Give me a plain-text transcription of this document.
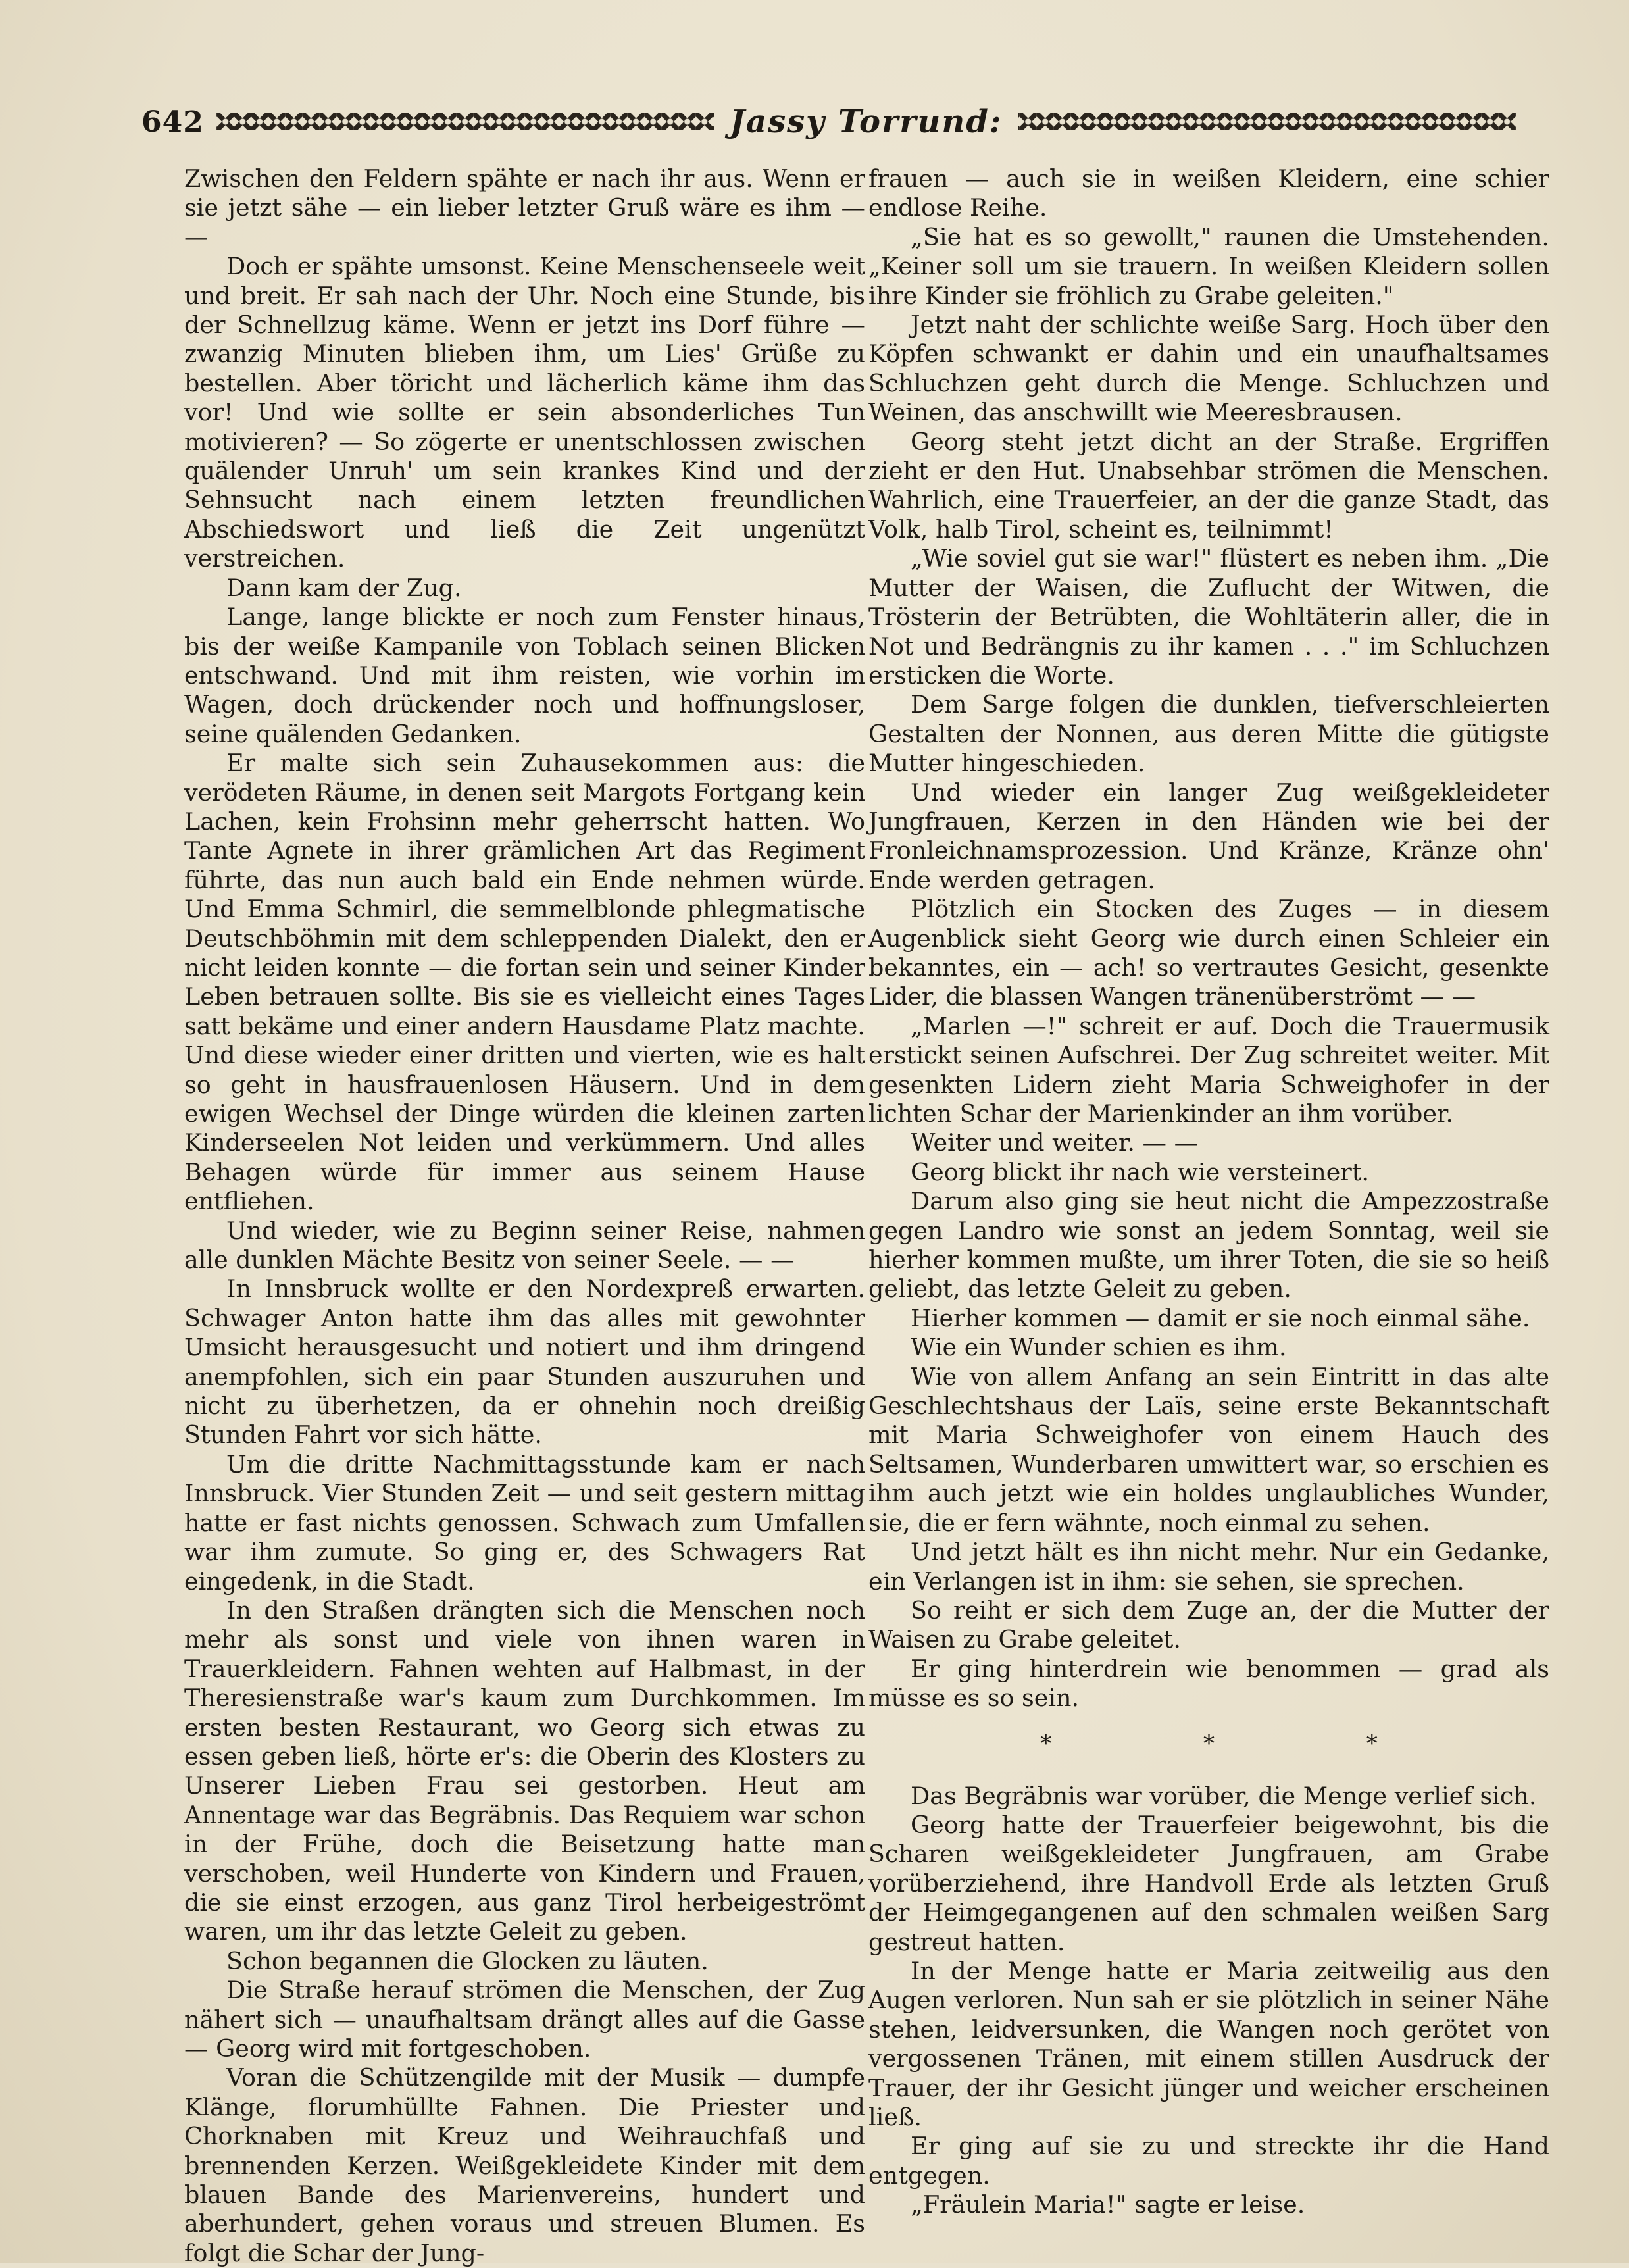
642	Jassy Torrund:

Zwischen den Feldern spähte er nach ihr aus. Wenn er sie jetzt sähe — ein lieber letzter Gruß wäre es ihm — —

Doch er spähte umsonst. Keine Menschenseele weit und breit. Er sah nach der Uhr. Noch eine Stunde, bis der Schnellzug käme. Wenn er jetzt ins Dorf führe — zwanzig Minuten blieben ihm, um Lies' Grüße zu bestellen. Aber töricht und lächerlich käme ihm das vor! Und wie sollte er sein absonderliches Tun motivieren? — So zögerte er unentschlossen zwischen quälender Unruh' um sein krankes Kind und der Sehnsucht nach einem letzten freundlichen Abschiedswort und ließ die Zeit ungenützt verstreichen.

Dann kam der Zug.

Lange, lange blickte er noch zum Fenster hinaus, bis der weiße Kampanile von Toblach seinen Blicken entschwand. Und mit ihm reisten, wie vorhin im Wagen, doch drückender noch und hoffnungsloser, seine quälenden Gedanken.

Er malte sich sein Zuhausekommen aus: die verödeten Räume, in denen seit Margots Fortgang kein Lachen, kein Frohsinn mehr geherrscht hatten. Wo Tante Agnete in ihrer grämlichen Art das Regiment führte, das nun auch bald ein Ende nehmen würde. Und Emma Schmirl, die semmelblonde phlegmatische Deutschböhmin mit dem schleppenden Dialekt, den er nicht leiden konnte — die fortan sein und seiner Kinder Leben betrauen sollte. Bis sie es vielleicht eines Tages satt bekäme und einer andern Hausdame Platz machte. Und diese wieder einer dritten und vierten, wie es halt so geht in hausfrauenlosen Häusern. Und in dem ewigen Wechsel der Dinge würden die kleinen zarten Kinderseelen Not leiden und verkümmern. Und alles Behagen würde für immer aus seinem Hause entfliehen.

Und wieder, wie zu Beginn seiner Reise, nahmen alle dunklen Mächte Besitz von seiner Seele. — —

In Innsbruck wollte er den Nordexpreß erwarten. Schwager Anton hatte ihm das alles mit gewohnter Umsicht herausgesucht und notiert und ihm dringend anempfohlen, sich ein paar Stunden auszuruhen und nicht zu überhetzen, da er ohnehin noch dreißig Stunden Fahrt vor sich hätte.

Um die dritte Nachmittagsstunde kam er nach Innsbruck. Vier Stunden Zeit — und seit gestern mittag hatte er fast nichts genossen. Schwach zum Umfallen war ihm zumute. So ging er, des Schwagers Rat eingedenk, in die Stadt.

In den Straßen drängten sich die Menschen noch mehr als sonst und viele von ihnen waren in Trauerkleidern. Fahnen wehten auf Halbmast, in der Theresienstraße war's kaum zum Durchkommen. Im ersten besten Restaurant, wo Georg sich etwas zu essen geben ließ, hörte er's: die Oberin des Klosters zu Unserer Lieben Frau sei gestorben. Heut am Annentage war das Begräbnis. Das Requiem war schon in der Frühe, doch die Beisetzung hatte man verschoben, weil Hunderte von Kindern und Frauen, die sie einst erzogen, aus ganz Tirol herbeigeströmt waren, um ihr das letzte Geleit zu geben.

Schon begannen die Glocken zu läuten.

Die Straße herauf strömen die Menschen, der Zug nähert sich — unaufhaltsam drängt alles auf die Gasse — Georg wird mit fortgeschoben.

Voran die Schützengilde mit der Musik — dumpfe Klänge, florumhüllte Fahnen. Die Priester und Chorknaben mit Kreuz und Weihrauchfaß und brennenden Kerzen. Weißgekleidete Kinder mit dem blauen Bande des Marienvereins, hundert und aberhundert, gehen voraus und streuen Blumen. Es folgt die Schar der Jung-

frauen — auch sie in weißen Kleidern, eine schier endlose Reihe.

„Sie hat es so gewollt," raunen die Umstehenden. „Keiner soll um sie trauern. In weißen Kleidern sollen ihre Kinder sie fröhlich zu Grabe geleiten."

Jetzt naht der schlichte weiße Sarg. Hoch über den Köpfen schwankt er dahin und ein unaufhaltsames Schluchzen geht durch die Menge. Schluchzen und Weinen, das anschwillt wie Meeresbrausen.

Georg steht jetzt dicht an der Straße. Ergriffen zieht er den Hut. Unabsehbar strömen die Menschen. Wahrlich, eine Trauerfeier, an der die ganze Stadt, das Volk, halb Tirol, scheint es, teilnimmt!

„Wie soviel gut sie war!" flüstert es neben ihm. „Die Mutter der Waisen, die Zuflucht der Witwen, die Trösterin der Betrübten, die Wohltäterin aller, die in Not und Bedrängnis zu ihr kamen . . ." im Schluchzen ersticken die Worte.

Dem Sarge folgen die dunklen, tiefverschleierten Gestalten der Nonnen, aus deren Mitte die gütigste Mutter hingeschieden.

Und wieder ein langer Zug weißgekleideter Jungfrauen, Kerzen in den Händen wie bei der Fronleichnamsprozession. Und Kränze, Kränze ohn' Ende werden getragen.

Plötzlich ein Stocken des Zuges — in diesem Augenblick sieht Georg wie durch einen Schleier ein bekanntes, ein — ach! so vertrautes Gesicht, gesenkte Lider, die blassen Wangen tränenüberströmt — —

„Marlen —!" schreit er auf. Doch die Trauermusik erstickt seinen Aufschrei. Der Zug schreitet weiter. Mit gesenkten Lidern zieht Maria Schweighofer in der lichten Schar der Marienkinder an ihm vorüber.

Weiter und weiter. — —

Georg blickt ihr nach wie versteinert.

Darum also ging sie heut nicht die Ampezzostraße gegen Landro wie sonst an jedem Sonntag, weil sie hierher kommen mußte, um ihrer Toten, die sie so heiß geliebt, das letzte Geleit zu geben.

Hierher kommen — damit er sie noch einmal sähe.

Wie ein Wunder schien es ihm.

Wie von allem Anfang an sein Eintritt in das alte Geschlechtshaus der Laïs, seine erste Bekanntschaft mit Maria Schweighofer von einem Hauch des Seltsamen, Wunderbaren umwittert war, so erschien es ihm auch jetzt wie ein holdes unglaubliches Wunder, sie, die er fern wähnte, noch einmal zu sehen.

Und jetzt hält es ihn nicht mehr. Nur ein Gedanke, ein Verlangen ist in ihm: sie sehen, sie sprechen.

So reiht er sich dem Zuge an, der die Mutter der Waisen zu Grabe geleitet.

Er ging hinterdrein wie benommen — grad als müsse es so sein.

* * *

Das Begräbnis war vorüber, die Menge verlief sich.

Georg hatte der Trauerfeier beigewohnt, bis die Scharen weißgekleideter Jungfrauen, am Grabe vorüberziehend, ihre Handvoll Erde als letzten Gruß der Heimgegangenen auf den schmalen weißen Sarg gestreut hatten.

In der Menge hatte er Maria zeitweilig aus den Augen verloren. Nun sah er sie plötzlich in seiner Nähe stehen, leidversunken, die Wangen noch gerötet von vergossenen Tränen, mit einem stillen Ausdruck der Trauer, der ihr Gesicht jünger und weicher erscheinen ließ.

Er ging auf sie zu und streckte ihr die Hand entgegen.

„Fräulein Maria!" sagte er leise.
